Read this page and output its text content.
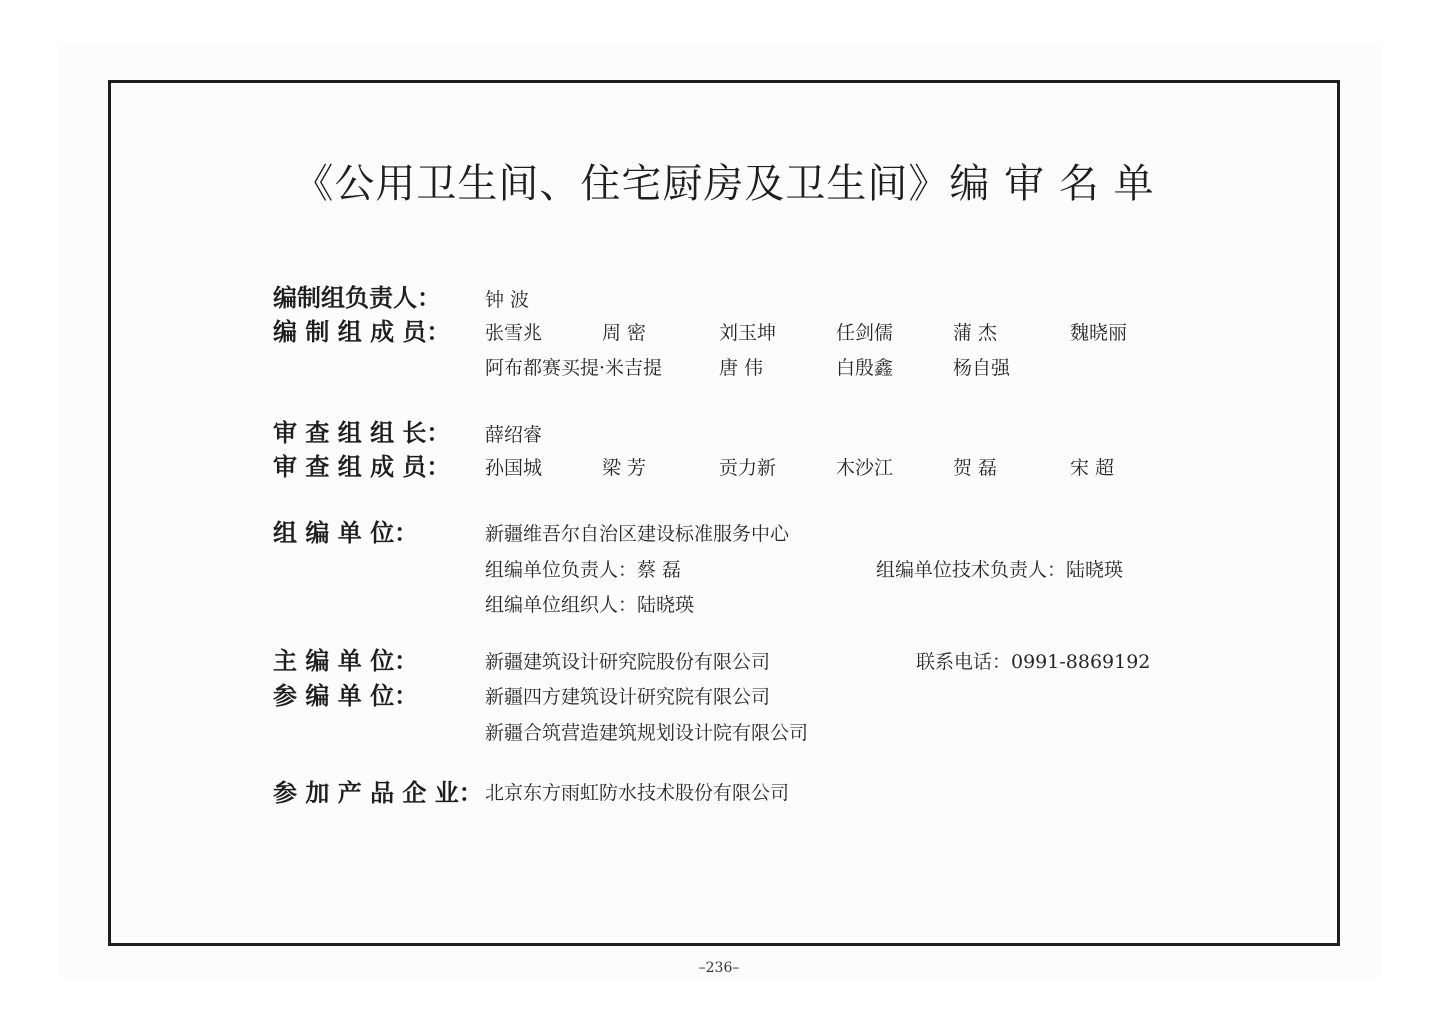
《公用卫生间、住宅厨房及卫生间》编 审 名 单
编制组负责人：	钟 波
编 制 组 成 员：	张雪兆	周 密	刘玉坤	任剑儒	蒲 杰	魏晓丽
阿布都赛买提·米吉提	唐 伟	白殷鑫	杨自强
审 查 组 组 长：	薛绍睿
审 查 组 成 员：	孙国城	梁 芳	贡力新	木沙江	贺 磊	宋 超
组 编 单 位：	新疆维吾尔自治区建设标准服务中心
组编单位负责人：蔡 磊	组编单位技术负责人：陆晓瑛
组编单位组织人：陆晓瑛
主 编 单 位：	新疆建筑设计研究院股份有限公司	联系电话：0991-8869192
参 编 单 位：	新疆四方建筑设计研究院有限公司
新疆合筑营造建筑规划设计院有限公司
参 加 产 品 企 业： 北京东方雨虹防水技术股份有限公司
–236–
